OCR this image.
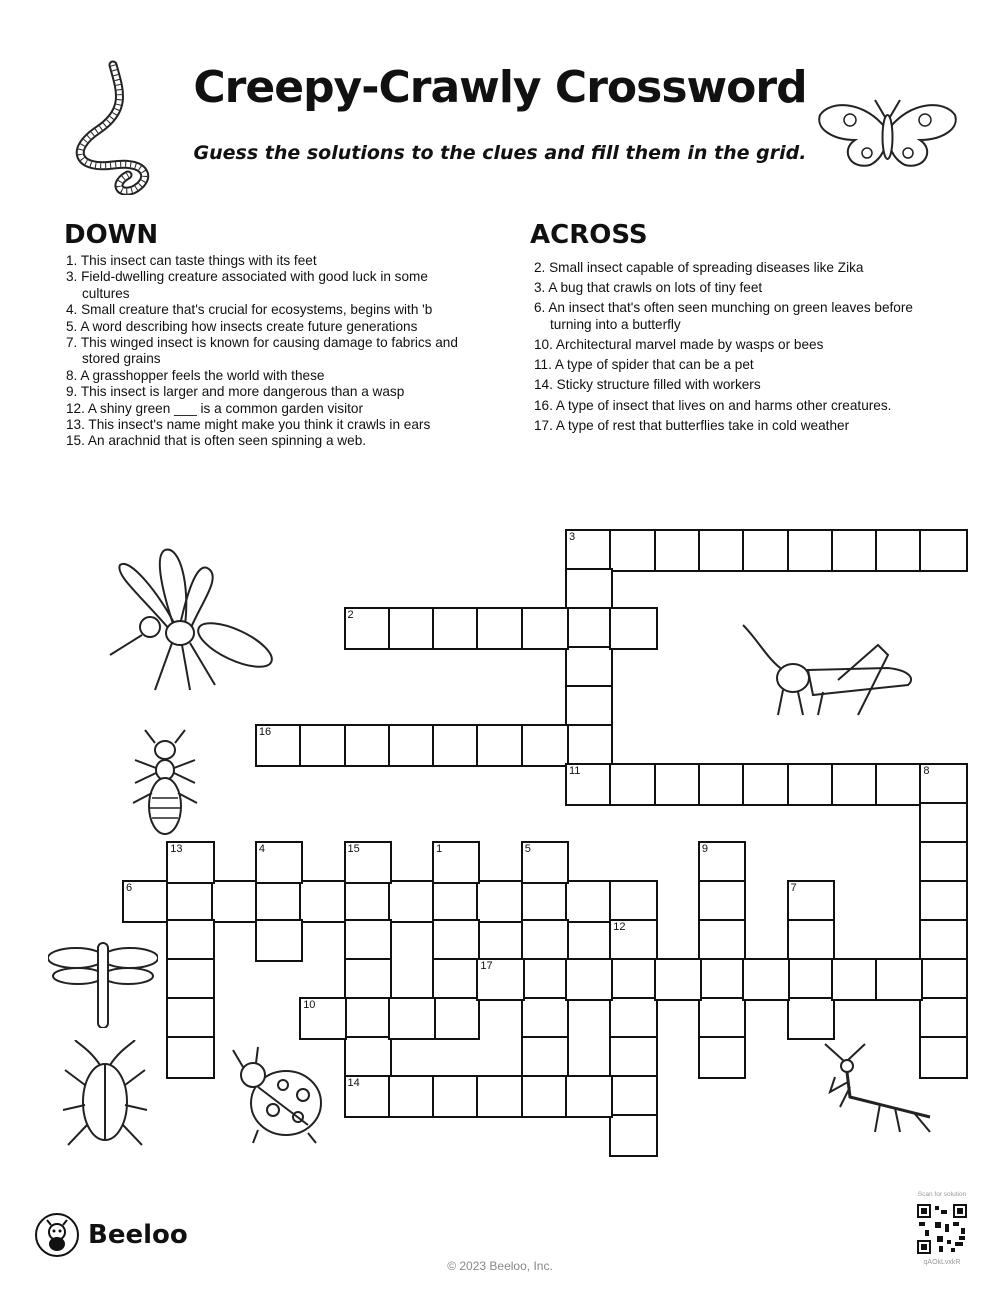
Creepy-Crawly Crossword
Guess the solutions to the clues and fill them in the grid.
DOWN
1. This insect can taste things with its feet
3. Field-dwelling creature associated with good luck in some cultures
4. Small creature that's crucial for ecosystems, begins with 'b
5. A word describing how insects create future generations
7. This winged insect is known for causing damage to fabrics and stored grains
8. A grasshopper feels the world with these
9. This insect is larger and more dangerous than a wasp
12. A shiny green ___ is a common garden visitor
13. This insect's name might make you think it crawls in ears
15. An arachnid that is often seen spinning a web.
ACROSS
2. Small insect capable of spreading diseases like Zika
3. A bug that crawls on lots of tiny feet
6. An insect that's often seen munching on green leaves before turning into a butterfly
10. Architectural marvel made by wasps or bees
11. A type of spider that can be a pet
14. Sticky structure filled with workers
16. A type of insect that lives on and harms other creatures.
17. A type of rest that butterflies take in cold weather
3
2
16
11	8
6
13	4	15	1	5	9
7
12
10
17
14
Beeloo
© 2023 Beeloo, Inc.
Scan for solution
qAOkLvxkR
